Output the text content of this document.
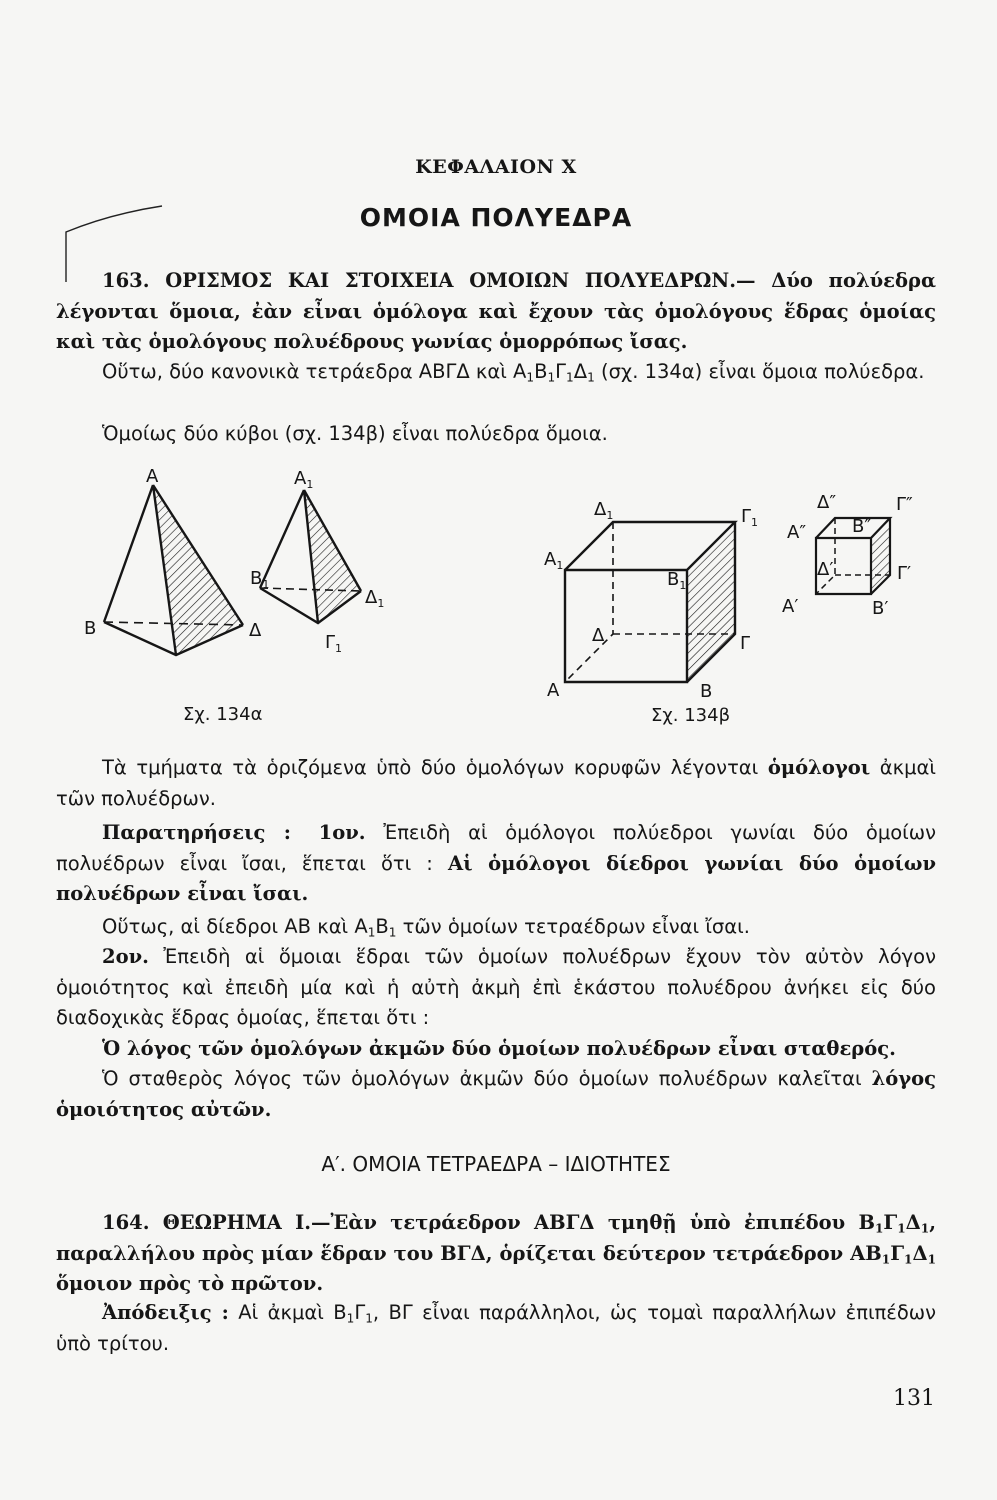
ΚΕΦΑΛΑΙΟΝ Χ
ΟΜΟΙΑ ΠΟΛΥΕΔΡΑ

163. ΟΡΙΣΜΟΣ ΚΑΙ ΣΤΟΙΧΕΙΑ ΟΜΟΙΩΝ ΠΟΛΥΕΔΡΩΝ.— Δύο πολύεδρα λέγονται ὅμοια, ἐὰν εἶναι ὁμόλογα καὶ ἔχουν τὰς ὁμολόγους ἕδρας ὁμοίας καὶ τὰς ὁμολόγους πολυέδρους γωνίας ὁμορρόπως ἴσας.

Οὕτω, δύο κανονικὰ τετράεδρα ΑΒΓΔ καὶ $A_1B_1\Gamma_1\Delta_1$ (σχ. 134α) εἶναι ὅμοια πολύεδρα.

Ὁμοίως δύο κύβοι (σχ. 134β) εἶναι πολύεδρα ὅμοια.

Α
Β	Δ
$A_1$
$B_1$
$\Delta_1$
$\Gamma_1$
Σχ. 134α
$\Delta_1$	$\Gamma_1$
$A_1$
$B_1$
Δ	Γ
Α	Β
Δ″	Γ″
Α″	Β″
Δ′	Γ′
Α′	Β′
Σχ. 134β

Τὰ τμήματα τὰ ὁριζόμενα ὑπὸ δύο ὁμολόγων κορυφῶν λέγονται ὁμόλογοι ἀκμαὶ τῶν πολυέδρων.

Παρατηρήσεις : 1ον. Ἐπειδὴ αἱ ὁμόλογοι πολύεδροι γωνίαι δύο ὁμοίων πολυέδρων εἶναι ἴσαι, ἕπεται ὅτι : Αἱ ὁμόλογοι δίεδροι γωνίαι δύο ὁμοίων πολυέδρων εἶναι ἴσαι.

Οὕτως, αἱ δίεδροι ΑΒ καὶ $A_1B_1$ τῶν ὁμοίων τετραέδρων εἶναι ἴσαι.

2ον. Ἐπειδὴ αἱ ὅμοιαι ἕδραι τῶν ὁμοίων πολυέδρων ἔχουν τὸν αὐτὸν λόγον ὁμοιότητος καὶ ἐπειδὴ μία καὶ ἡ αὐτὴ ἀκμὴ ἐπὶ ἑκάστου πολυέδρου ἀνήκει εἰς δύο διαδοχικὰς ἕδρας ὁμοίας, ἕπεται ὅτι :

Ὁ λόγος τῶν ὁμολόγων ἀκμῶν δύο ὁμοίων πολυέδρων εἶναι σταθερός.

Ὁ σταθερὸς λόγος τῶν ὁμολόγων ἀκμῶν δύο ὁμοίων πολυέδρων καλεῖται λόγος ὁμοιότητος αὐτῶν.

Α′. ΟΜΟΙΑ ΤΕΤΡΑΕΔΡΑ – ΙΔΙΟΤΗΤΕΣ

164. ΘΕΩΡΗΜΑ Ι.—Ἐὰν τετράεδρον ΑΒΓΔ τμηθῇ ὑπὸ ἐπιπέδου $B_1\Gamma_1\Delta_1$, παραλλήλου πρὸς μίαν ἕδραν του ΒΓΔ, ὁρίζεται δεύτερον τετράεδρον $AB_1\Gamma_1\Delta_1$ ὅμοιον πρὸς τὸ πρῶτον.

Ἀπόδειξις : Αἱ ἀκμαὶ $B_1\Gamma_1$, ΒΓ εἶναι παράλληλοι, ὡς τομαὶ παραλλήλων ἐπιπέδων ὑπὸ τρίτου.

131
